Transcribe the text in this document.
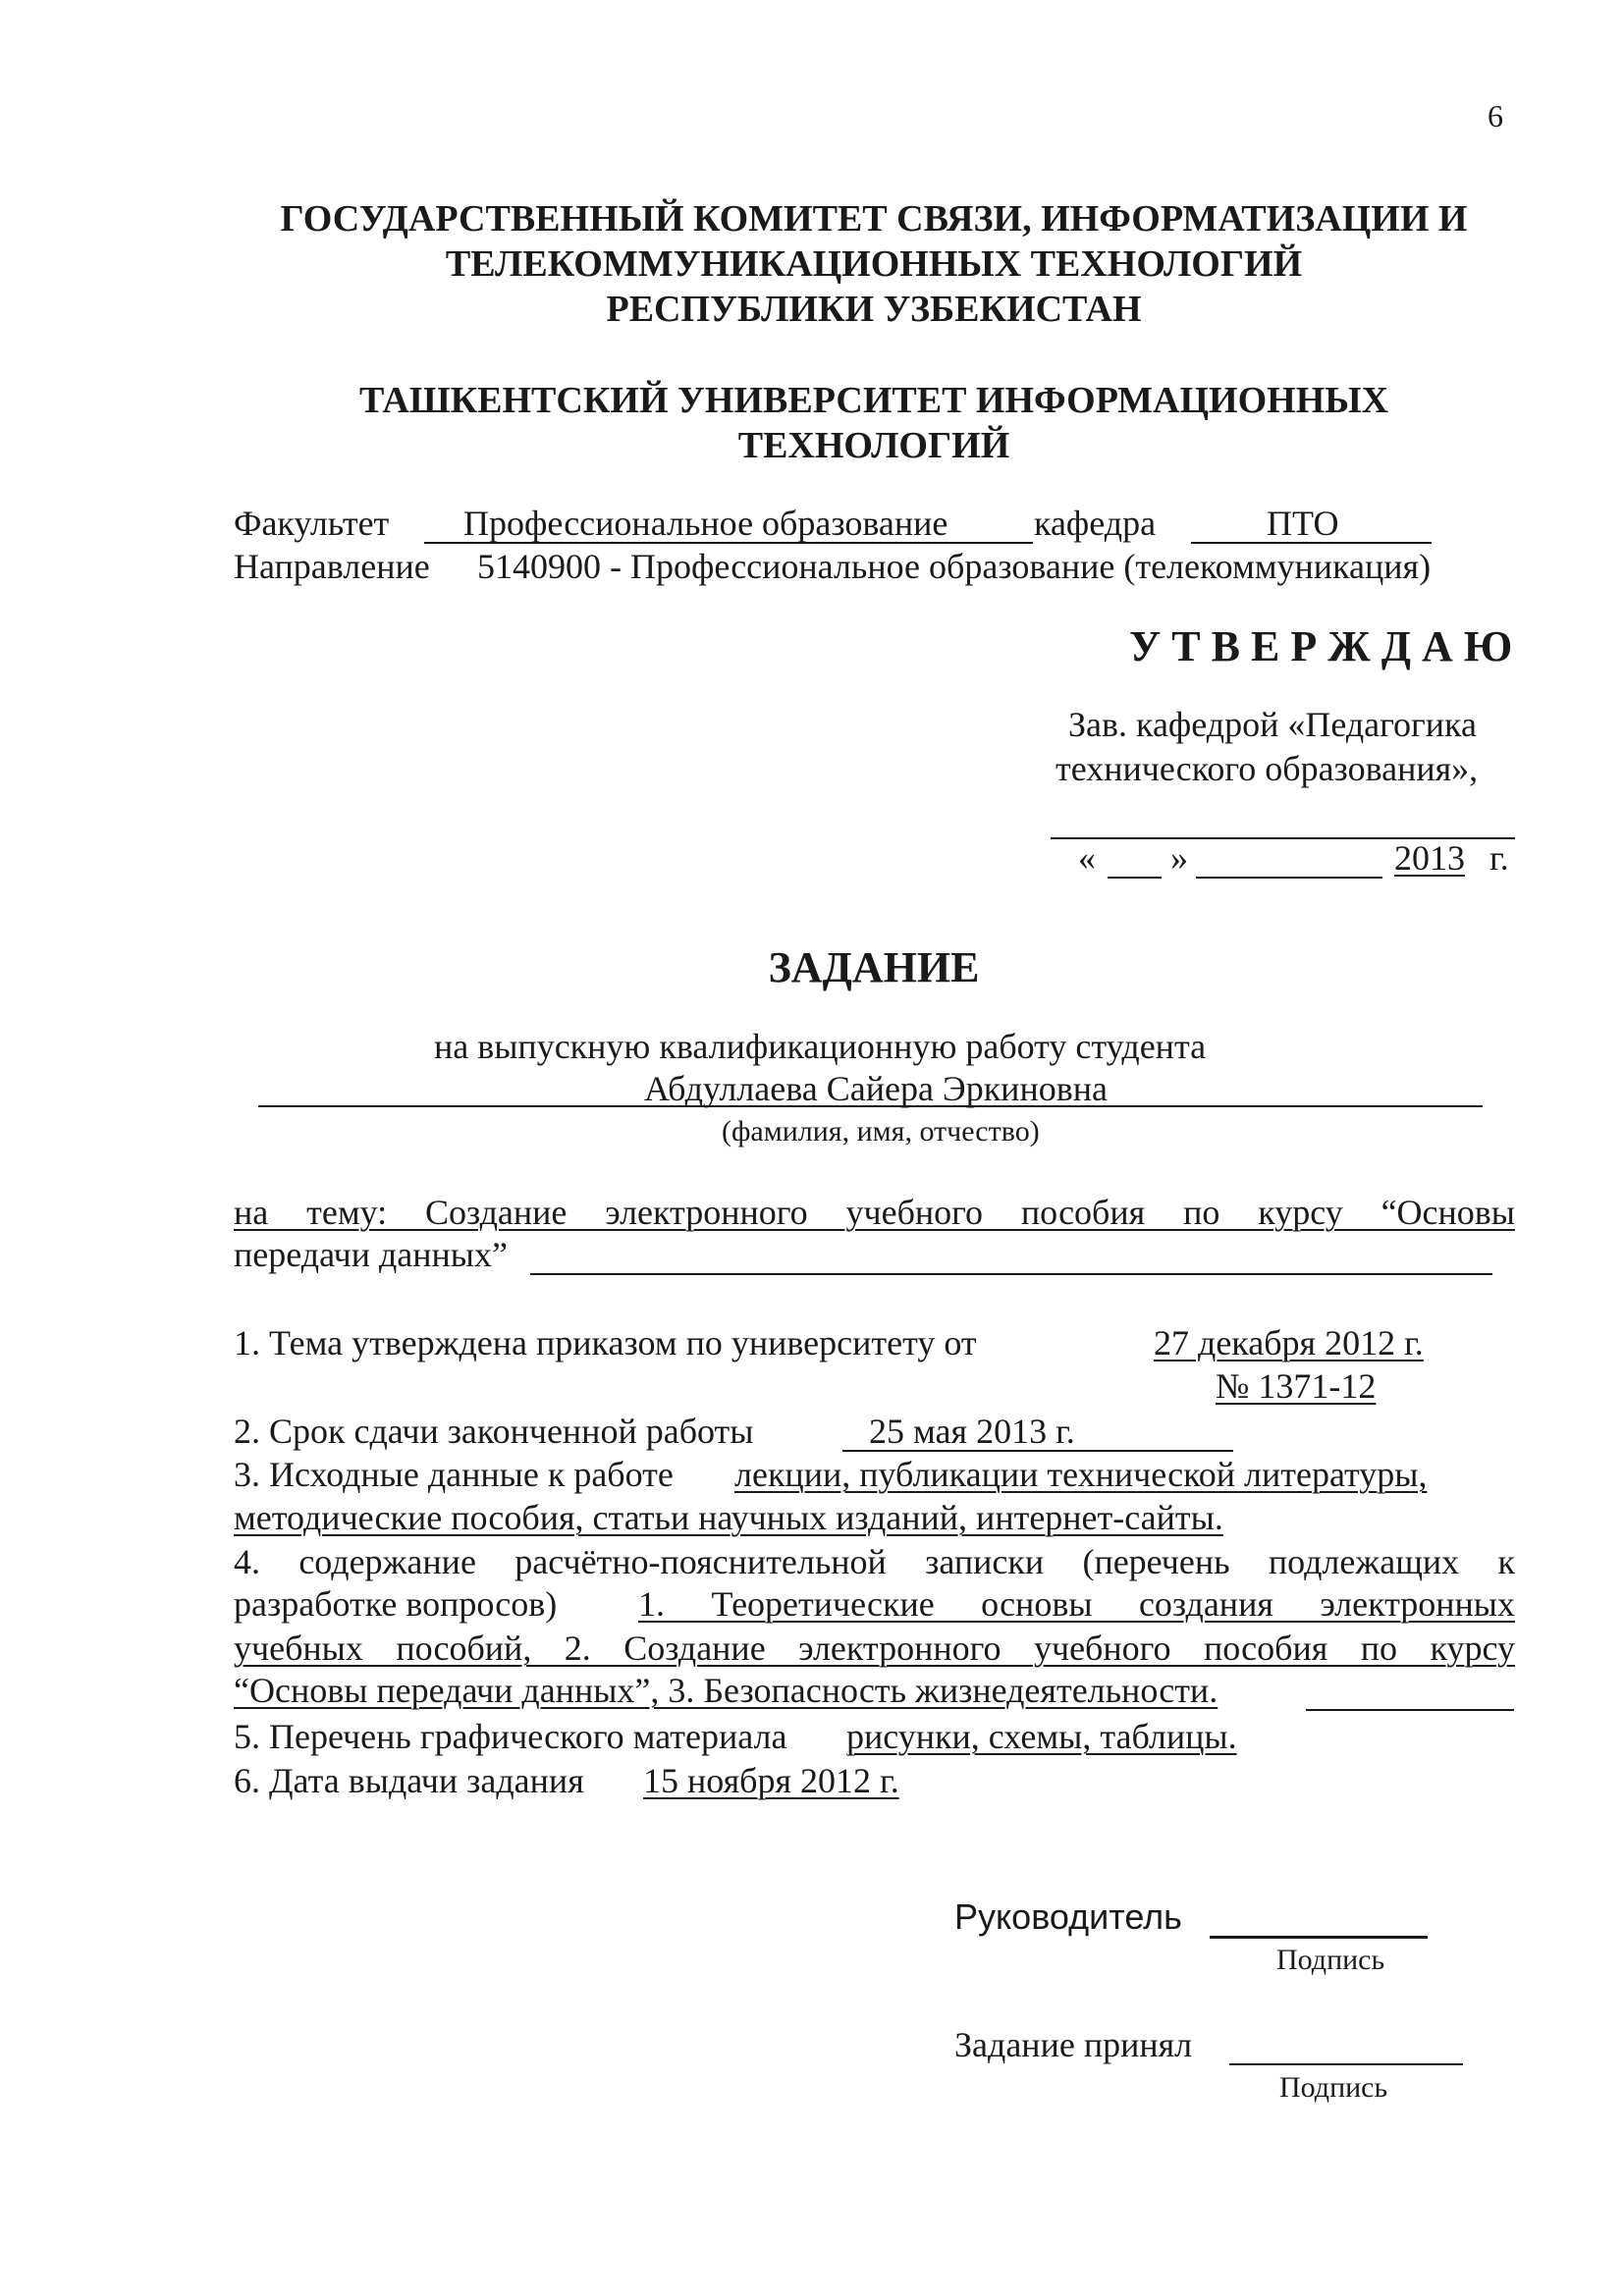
6
ГОСУДАРСТВЕННЫЙ КОМИТЕТ СВЯЗИ, ИНФОРМАТИЗАЦИИ И
ТЕЛЕКОММУНИКАЦИОННЫХ ТЕХНОЛОГИЙ
РЕСПУБЛИКИ УЗБЕКИСТАН
ТАШКЕНТСКИЙ УНИВЕРСИТЕТ ИНФОРМАЦИОННЫХ
ТЕХНОЛОГИЙ
Факультет Профессиональное образование кафедра	ПТО
Направление 5140900 - Профессиональное образование (телекоммуникация)
У Т В Е Р Ж Д А Ю
Зав. кафедрой «Педагогика
технического образования»,
« »	2013 г.
ЗАДАНИЕ
на выпускную квалификационную работу студента
Абдуллаева Сайера Эркиновна
(фамилия, имя, отчество)
на тему: Создание электронного учебного пособия по курсу “Основы
передачи данных”
1. Тема утверждена приказом по университету от	27 декабря 2012 г.
№ 1371-12
2. Срок сдачи законченной работы	25 мая 2013 г.
3. Исходные данные к работе лекции, публикации технической литературы,
методические пособия, статьи научных изданий, интернет-сайты.
4. содержание расчётно-пояснительной записки (перечень подлежащих к
разработке вопросов) 1. Теоретические основы создания электронных
учебных пособий, 2. Создание электронного учебного пособия по курсу
“Основы передачи данных”, 3. Безопасность жизнедеятельности.
5. Перечень графического материала рисунки, схемы, таблицы.
6. Дата выдачи задания 15 ноября 2012 г.
Руководитель
Подпись
Задание принял
Подпись
